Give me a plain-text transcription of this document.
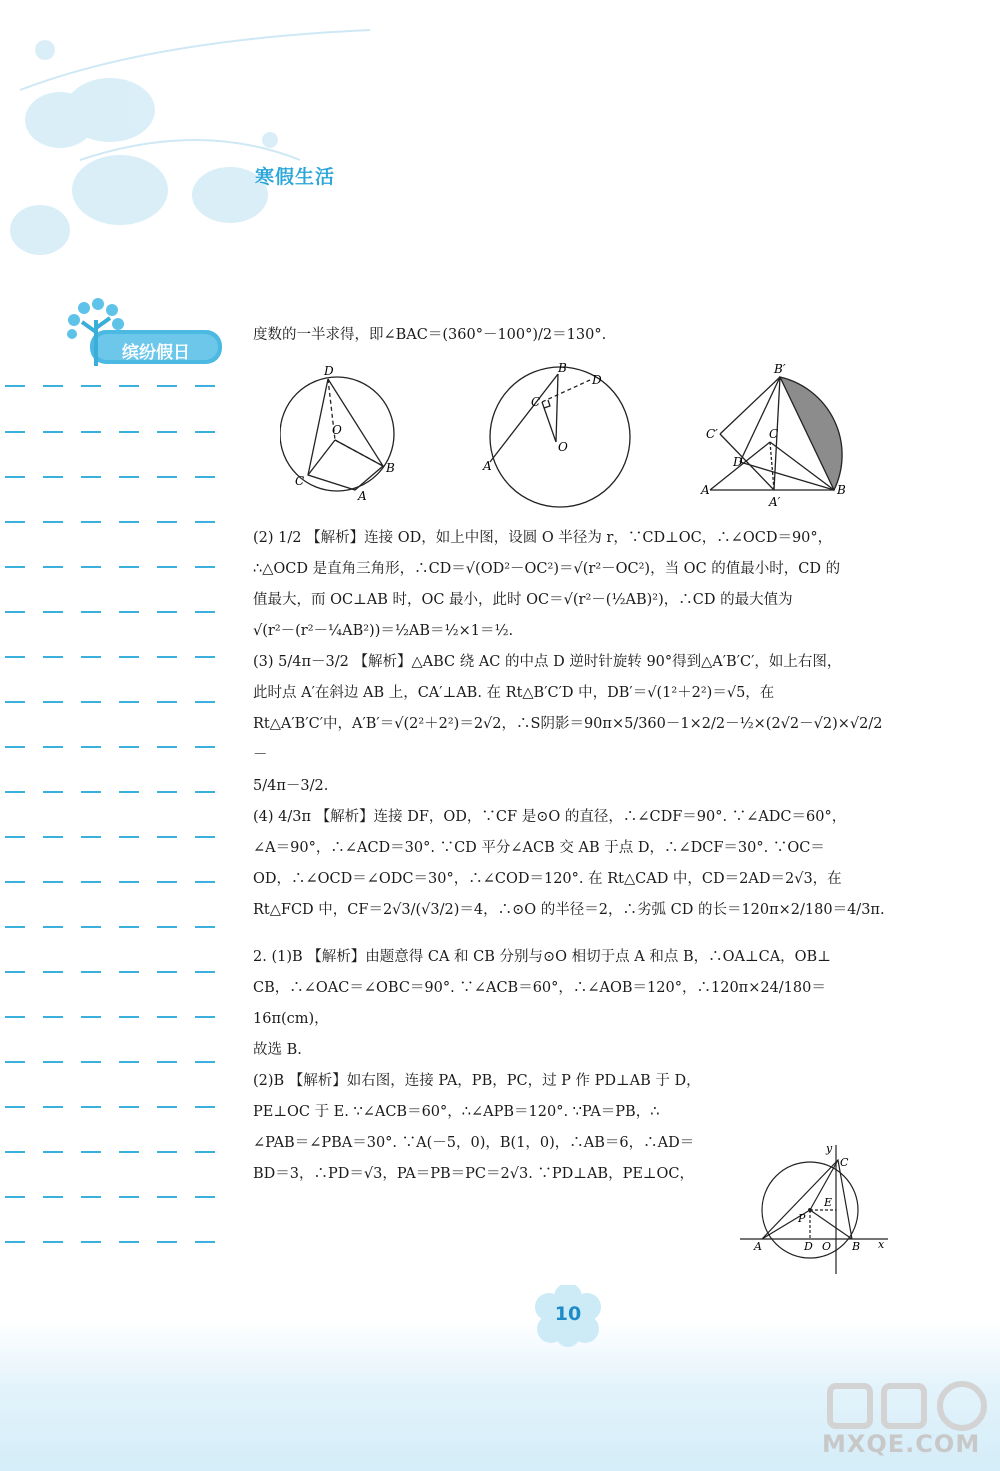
寒假生活
缤纷假日

度数的一半求得，即∠BAC＝(360°－100°)/2＝130°.

(2) 1/2 【解析】连接 OD，如上中图，设圆 O 半径为 r，∵CD⊥OC，∴∠OCD＝90°，

∴△OCD 是直角三角形，∴CD＝√(OD²－OC²)＝√(r²－OC²)，当 OC 的值最小时，CD 的

值最大，而 OC⊥AB 时，OC 最小，此时 OC＝√(r²－(½AB)²)，∴CD 的最大值为

√(r²－(r²－¼AB²))＝½AB＝½×1＝½.

(3) 5/4π－3/2 【解析】△ABC 绕 AC 的中点 D 逆时针旋转 90°得到△A′B′C′，如上右图，

此时点 A′在斜边 AB 上，CA′⊥AB. 在 Rt△B′C′D 中，DB′＝√(1²＋2²)＝√5，在

Rt△A′B′C′中，A′B′＝√(2²＋2²)＝2√2，∴S阴影＝90π×5/360－1×2/2－½×(2√2－√2)×√2/2－

5/4π－3/2.

(4) 4/3π 【解析】连接 DF，OD，∵CF 是⊙O 的直径，∴∠CDF＝90°. ∵∠ADC＝60°，

∠A＝90°，∴∠ACD＝30°. ∵CD 平分∠ACB 交 AB 于点 D，∴∠DCF＝30°. ∵OC＝

OD，∴∠OCD＝∠ODC＝30°，∴∠COD＝120°. 在 Rt△CAD 中，CD＝2AD＝2√3，在

Rt△FCD 中，CF＝2√3/(√3/2)＝4，∴⊙O 的半径＝2，∴劣弧 CD 的长＝120π×2/180＝4/3π.

2. (1)B 【解析】由题意得 CA 和 CB 分别与⊙O 相切于点 A 和点 B，∴OA⊥CA，OB⊥

CB，∴∠OAC＝∠OBC＝90°. ∵∠ACB＝60°，∴∠AOB＝120°，∴120π×24/180＝16π(cm)，

故选 B.

(2)B 【解析】如右图，连接 PA，PB，PC，过 P 作 PD⊥AB 于 D，

PE⊥OC 于 E. ∵∠ACB＝60°，∴∠APB＝120°. ∵PA＝PB，∴

∠PAB＝∠PBA＝30°. ∵A(－5，0)，B(1，0)，∴AB＝6，∴AD＝

BD＝3，∴PD＝√3，PA＝PB＝PC＝2√3. ∵PD⊥AB，PE⊥OC，

D
O
B
C
A
B
D
C
O
A
B′
C′	C
D
A
A′
B
y
C
E
P
A	D O B x
10
MXQE.COM
